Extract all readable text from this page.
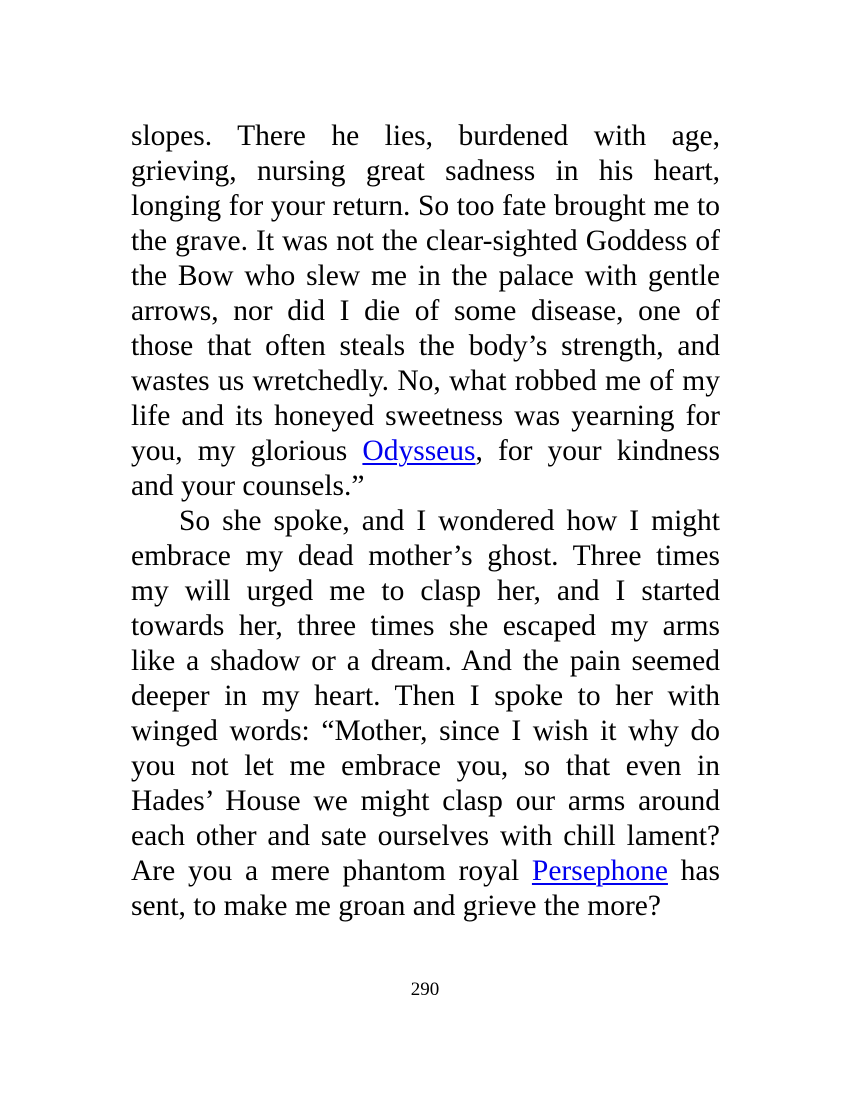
slopes. There he lies, burdened with age, grieving, nursing great sadness in his heart, longing for your return. So too fate brought me to the grave. It was not the clear-sighted Goddess of the Bow who slew me in the palace with gentle arrows, nor did I die of some disease, one of those that often steals the body’s strength, and wastes us wretchedly. No, what robbed me of my life and its honeyed sweetness was yearning for you, my glorious Odysseus, for your kindness and your counsels.”

So she spoke, and I wondered how I might embrace my dead mother’s ghost. Three times my will urged me to clasp her, and I started towards her, three times she escaped my arms like a shadow or a dream. And the pain seemed deeper in my heart. Then I spoke to her with winged words: “Mother, since I wish it why do you not let me embrace you, so that even in Hades’ House we might clasp our arms around each other and sate ourselves with chill lament? Are you a mere phantom royal Persephone has sent, to make me groan and grieve the more?

290
